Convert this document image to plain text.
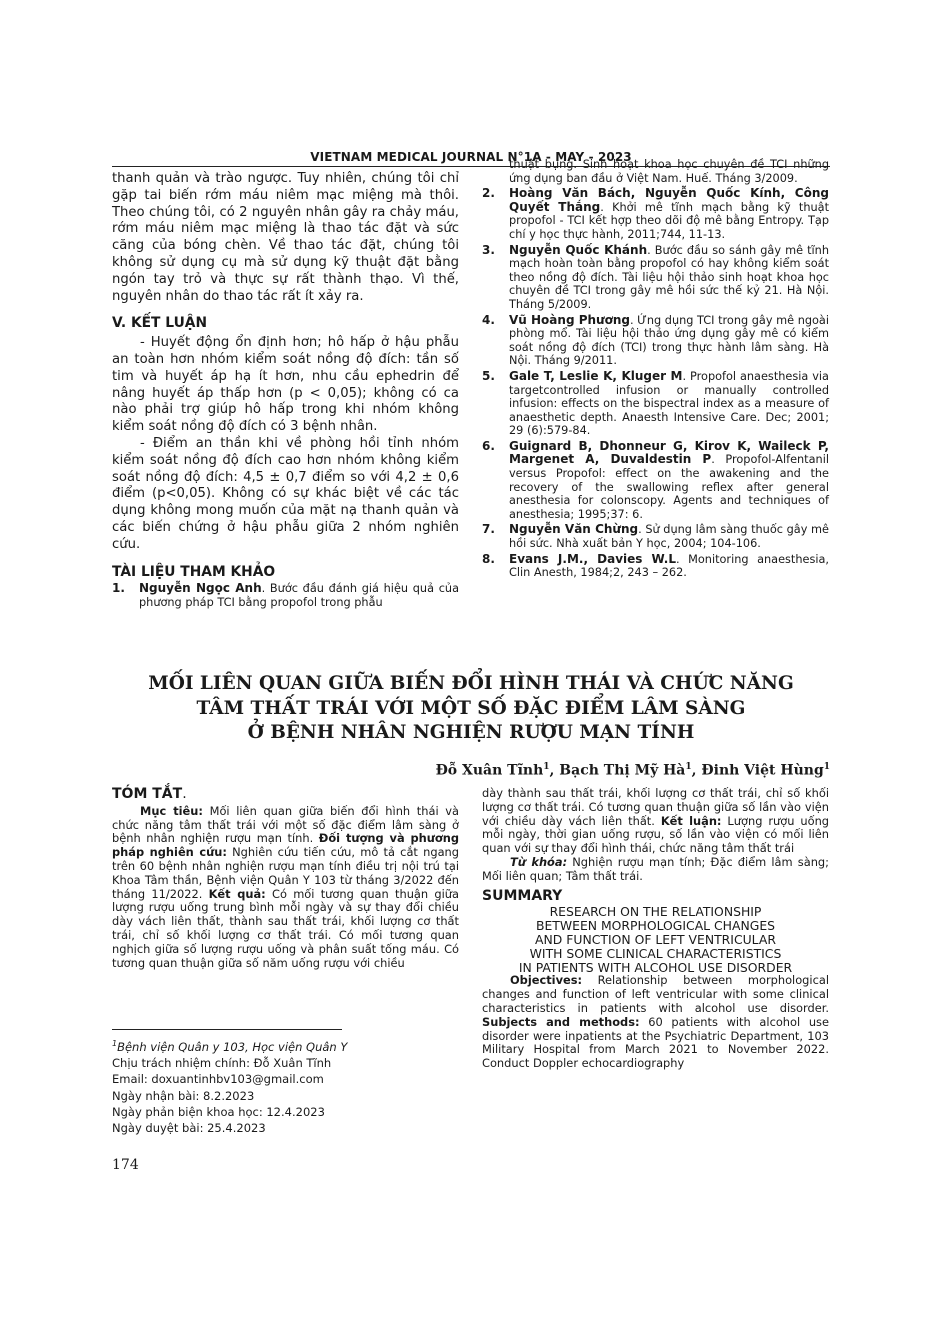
VIETNAM MEDICAL JOURNAL N°1A - MAY - 2023

thanh quản và trào ngược. Tuy nhiên, chúng tôi chỉ gặp tai biến rớm máu niêm mạc miệng mà thôi. Theo chúng tôi, có 2 nguyên nhân gây ra chảy máu, rớm máu niêm mạc miệng là thao tác đặt và sức căng của bóng chèn. Về thao tác đặt, chúng tôi không sử dụng cụ mà sử dụng kỹ thuật đặt bằng ngón tay trỏ và thực sự rất thành thạo. Vì thế, nguyên nhân do thao tác rất ít xảy ra.

V. KẾT LUẬN

- Huyết động ổn định hơn; hô hấp ở hậu phẫu an toàn hơn nhóm kiểm soát nồng độ đích: tần số tim và huyết áp hạ ít hơn, nhu cầu ephedrin để nâng huyết áp thấp hơn (p < 0,05); không có ca nào phải trợ giúp hô hấp trong khi nhóm không kiểm soát nồng độ đích có 3 bệnh nhân.

- Điểm an thần khi về phòng hồi tỉnh nhóm kiểm soát nồng độ đích cao hơn nhóm không kiểm soát nồng độ đích: 4,5 ± 0,7 điểm so với 4,2 ± 0,6 điểm (p<0,05). Không có sự khác biệt về các tác dụng không mong muốn của mặt nạ thanh quản và các biến chứng ở hậu phẫu giữa 2 nhóm nghiên cứu.

TÀI LIỆU THAM KHẢO

1.	Nguyễn Ngọc Anh. Bước đầu đánh giá hiệu quả của phương pháp TCI bằng propofol trong phẫu
thuật bụng. Sinh hoạt khoa học chuyên đề TCI những ứng dụng ban đầu ở Việt Nam. Huế. Tháng 3/2009.
2.	Hoàng Văn Bách, Nguyễn Quốc Kính, Công Quyết Thắng. Khởi mê tĩnh mạch bằng kỹ thuật propofol - TCI kết hợp theo dõi độ mê bằng Entropy. Tạp chí y học thực hành, 2011;744, 11-13.
3.	Nguyễn Quốc Khánh. Bước đầu so sánh gây mê tĩnh mạch hoàn toàn bằng propofol có hay không kiểm soát theo nồng độ đích. Tài liệu hội thảo sinh hoạt khoa học chuyên đề TCI trong gây mê hồi sức thế kỷ 21. Hà Nội. Tháng 5/2009.
4.	Vũ Hoàng Phương. Ứng dụng TCI trong gây mê ngoài phòng mổ. Tài liệu hội thảo ứng dụng gây mê có kiểm soát nồng độ đích (TCI) trong thực hành lâm sàng. Hà Nội. Tháng 9/2011.
5.	Gale T, Leslie K, Kluger M. Propofol anaesthesia via targetcontrolled infusion or manually controlled infusion: effects on the bispectral index as a measure of anaesthetic depth. Anaesth Intensive Care. Dec; 2001; 29 (6):579-84.
6.	Guignard B, Dhonneur G, Kirov K, Waileck P, Margenet A, Duvaldestin P. Propofol-Alfentanil versus Propofol: effect on the awakening and the recovery of the swallowing reflex after general anesthesia for colonscopy. Agents and techniques of anesthesia; 1995;37: 6.
7.	Nguyễn Văn Chừng. Sử dụng lâm sàng thuốc gây mê hồi sức. Nhà xuất bản Y học, 2004; 104-106.
8.	Evans J.M., Davies W.L. Monitoring anaesthesia, Clin Anesth, 1984;2, 243 – 262.
MỐI LIÊN QUAN GIỮA BIẾN ĐỔI HÌNH THÁI VÀ CHỨC NĂNG
TÂM THẤT TRÁI VỚI MỘT SỐ ĐẶC ĐIỂM LÂM SÀNG
Ở BỆNH NHÂN NGHIỆN RƯỢU MẠN TÍNH
Đỗ Xuân Tĩnh$^1$, Bạch Thị Mỹ $Hà^1$, Đinh Việt Hùng$^1$

TÓM TẮT.

Mục tiêu: Mối liên quan giữa biến đổi hình thái và chức năng tâm thất trái với một số đặc điểm lâm sàng ở bệnh nhân nghiện rượu mạn tính. Đối tượng và phương pháp nghiên cứu: Nghiên cứu tiến cứu, mô tả cắt ngang trên 60 bệnh nhân nghiện rượu mạn tính điều trị nội trú tại Khoa Tâm thần, Bệnh viện Quân Y 103 từ tháng 3/2022 đến tháng 11/2022. Kết quả: Có mối tương quan thuận giữa lượng rượu uống trung bình mỗi ngày và sự thay đổi chiều dày vách liên thất, thành sau thất trái, khối lượng cơ thất trái, chỉ số khối lượng cơ thất trái. Có mối tương quan nghịch giữa số lượng rượu uống và phân suất tống máu. Có tương quan thuận giữa số năm uống rượu với chiều

dày thành sau thất trái, khối lượng cơ thất trái, chỉ số khối lượng cơ thất trái. Có tương quan thuận giữa số lần vào viện với chiều dày vách liên thất. Kết luận: Lượng rượu uống mỗi ngày, thời gian uống rượu, số lần vào viện có mối liên quan với sự thay đổi hình thái, chức năng tâm thất trái

Từ khóa: Nghiện rượu mạn tính; Đặc điểm lâm sàng; Mối liên quan; Tâm thất trái.

SUMMARY

RESEARCH ON THE RELATIONSHIP

BETWEEN MORPHOLOGICAL CHANGES

AND FUNCTION OF LEFT VENTRICULAR

WITH SOME CLINICAL CHARACTERISTICS

IN PATIENTS WITH ALCOHOL USE DISORDER

Objectives: Relationship between morphological changes and function of left ventricular with some clinical characteristics in patients with alcohol use disorder. Subjects and methods: 60 patients with alcohol use disorder were inpatients at the Psychiatric Department, 103 Military Hospital from March 2021 to November 2022. Conduct Doppler echocardiography

$^1$Bệnh viện Quân y 103, Học viện Quân Y
Chịu trách nhiệm chính: Đỗ Xuân Tĩnh
Email: doxuantinhbv103@gmail.com
Ngày nhận bài: 8.2.2023
Ngày phản biện khoa học: 12.4.2023
Ngày duyệt bài: 25.4.2023
174
